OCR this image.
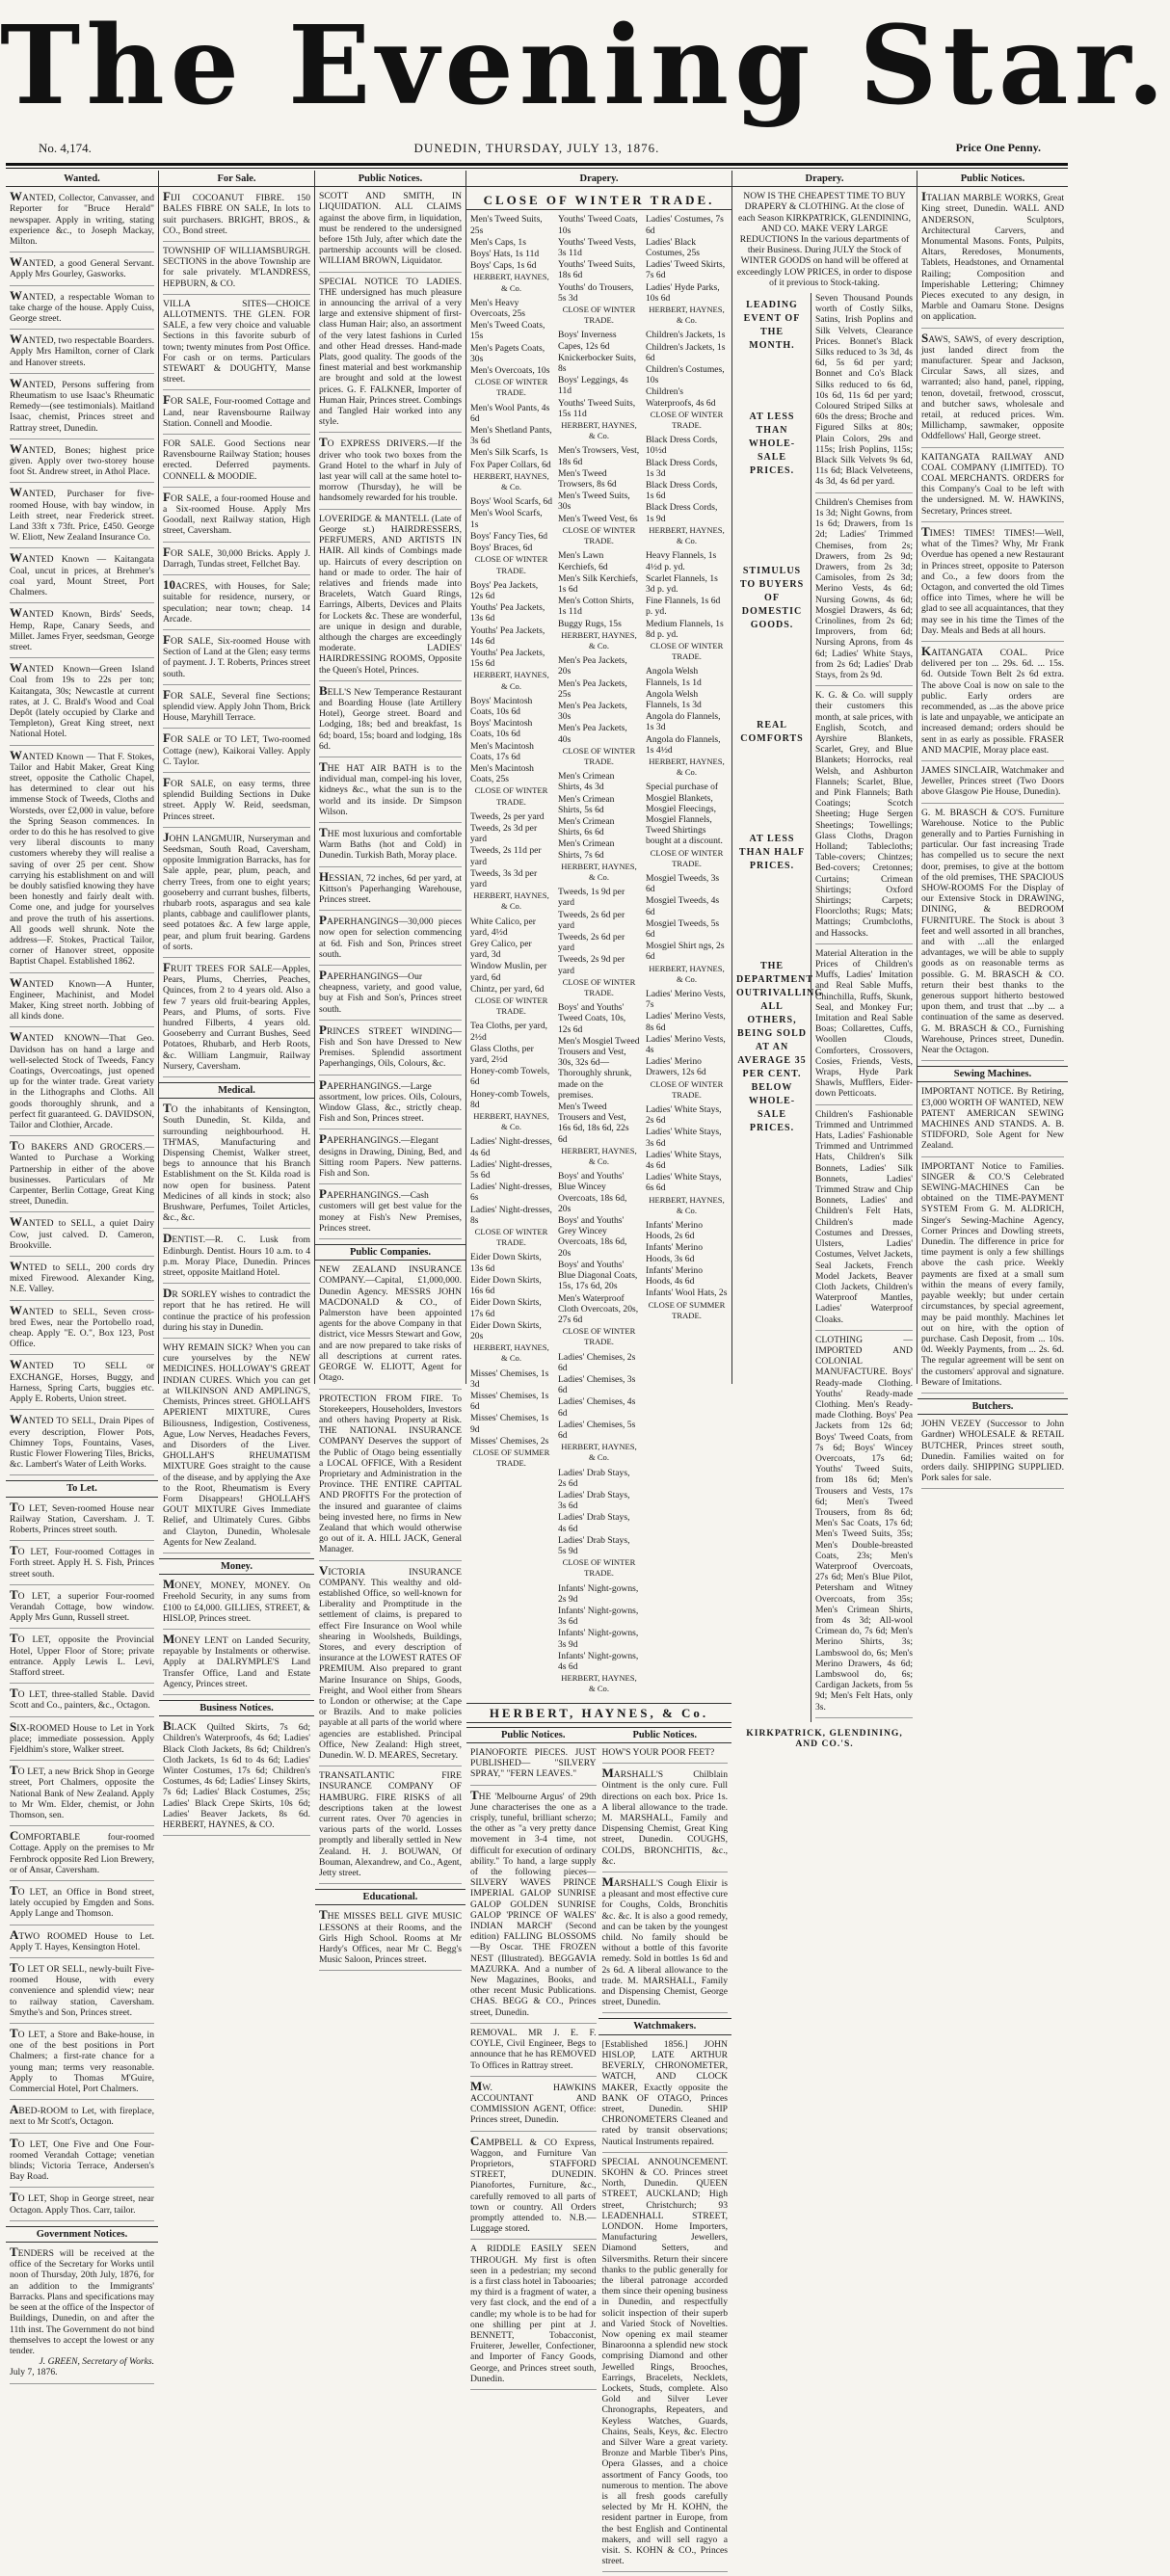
The Evening Star.
No. 4,174.	DUNEDIN, THURSDAY, JULY 13, 1876.	Price One Penny.
Wanted.
WANTED, Collector, Canvasser, and Reporter for "Bruce Herald" newspaper. Apply in writing, stating experience &c., to Joseph Mackay, Milton.
WANTED, a good General Servant. Apply Mrs Gourley, Gasworks.
WANTED, a respectable Woman to take charge of the house. Apply Cuiss, George street.
WANTED, two respectable Boarders. Apply Mrs Hamilton, corner of Clark and Hanover streets.
WANTED, Persons suffering from Rheumatism to use Isaac's Rheumatic Remedy—(see testimonials). Maitland Isaac, chemist, Princes street and Rattray street, Dunedin.
WANTED, Bones; highest price given. Apply over two-storey house foot St. Andrew street, in Athol Place.
WANTED, Purchaser for five-roomed House, with bay window, in Leith street, near Frederick street. Land 33ft x 73ft. Price, £450. George W. Eliott, New Zealand Insurance Co.
WANTED Known — Kaitangata Coal, uncut in prices, at Brehmer's coal yard, Mount Street, Port Chalmers.
WANTED Known, Birds' Seeds, Hemp, Rape, Canary Seeds, and Millet. James Fryer, seedsman, George street.
WANTED Known—Green Island Coal from 19s to 22s per ton; Kaitangata, 30s; Newcastle at current rates, at J. C. Brald's Wood and Coal Depôt (lately occupied by Clarke and Templeton), Great King street, next National Hotel.
WANTED Known — That F. Stokes, Tailor and Habit Maker, Great King street, opposite the Catholic Chapel, has determined to clear out his immense Stock of Tweeds, Cloths and Worsteds, over £2,000 in value, before the Spring Season commences. In order to do this he has resolved to give very liberal discounts to many customers whereby they will realise a saving of over 25 per cent. Show carrying his establishment on and will be doubly satisfied knowing they have been honestly and fairly dealt with. Come one, and judge for yourselves and prove the truth of his assertions. All goods well shrunk. Note the address—F. Stokes, Practical Tailor, corner of Hanover street, opposite Baptist Chapel. Established 1862.
WANTED Known—A Hunter, Engineer, Machinist, and Model Maker, King street north. Jobbing of all kinds done.
WANTED KNOWN—That Geo. Davidson has on hand a large and well-selected Stock of Tweeds, Fancy Coatings, Overcoatings, just opened up for the winter trade. Great variety in the Lithographs and Cloths. All goods thoroughly shrunk, and a perfect fit guaranteed. G. DAVIDSON, Tailor and Clothier, Arcade.
TO BAKERS AND GROCERS.—Wanted to Purchase a Working Partnership in either of the above businesses. Particulars of Mr Carpenter, Berlin Cottage, Great King street, Dunedin.
WANTED to SELL, a quiet Dairy Cow, just calved. D. Cameron, Brookville.
WNTED to SELL, 200 cords dry mixed Firewood. Alexander King, N.E. Valley.
WANTED to SELL, Seven cross-bred Ewes, near the Portobello road, cheap. Apply "E. O.", Box 123, Post Office.
WANTED TO SELL or EXCHANGE, Horses, Buggy, and Harness, Spring Carts, buggies etc. Apply E. Roberts, Union street.
WANTED TO SELL, Drain Pipes of every description, Flower Pots, Chimney Tops, Fountains, Vases, Rustic Flower Flowering Tiles, Bricks, &c. Lambert's Water of Leith Works.
To Let.
TO LET, Seven-roomed House near Railway Station, Caversham. J. T. Roberts, Princes street south.
TO LET, Four-roomed Cottages in Forth street. Apply H. S. Fish, Princes street south.
TO LET, a superior Four-roomed Verandah Cottage, bow window. Apply Mrs Gunn, Russell street.
TO LET, opposite the Provincial Hotel, Upper Floor of Store; private entrance. Apply Lewis L. Levi, Stafford street.
TO LET, three-stalled Stable. David Scott and Co., painters, &c., Octagon.
SIX-ROOMED House to Let in York place; immediate possession. Apply Fjeldhim's store, Walker street.
TO LET, a new Brick Shop in George street, Port Chalmers, opposite the National Bank of New Zealand. Apply to Mr Wm. Elder, chemist, or John Thomson, sen.
COMFORTABLE four-roomed Cottage. Apply on the premises to Mr Fernbrock opposite Red Lion Brewery, or of Ansar, Caversham.
TO LET, an Office in Bond street, lately occupied by Emgden and Sons. Apply Lange and Thomson.
ATWO ROOMED House to Let. Apply T. Hayes, Kensington Hotel.
TO LET OR SELL, newly-built Five-roomed House, with every convenience and splendid view; near to railway station, Caversham. Smythe's and Son, Princes street.
TO LET, a Store and Bake-house, in one of the best positions in Port Chalmers; a first-rate chance for a young man; terms very reasonable. Apply to Thomas M'Guire, Commercial Hotel, Port Chalmers.
ABED-ROOM to Let, with fireplace, next to Mr Scott's, Octagon.
TO LET, One Five and One Four-roomed Verandah Cottage; venetian blinds; Victoria Terrace, Andersen's Bay Road.
TO LET, Shop in George street, near Octagon. Apply Thos. Carr, tailor.
Government Notices.
TENDERS will be received at the office of the Secretary for Works until noon of Thursday, 20th July, 1876, for an addition to the Immigrants' Barracks. Plans and specifications may be seen at the office of the Inspector of Buildings, Dunedin, on and after the 11th inst. The Government do not bind themselves to accept the lowest or any tender.
J. GREEN, Secretary of Works.
July 7, 1876.
For Sale.
FIJI COCOANUT FIBRE. 150 BALES FIBRE ON SALE, In lots to suit purchasers. BRIGHT, BROS., & CO., Bond street.
TOWNSHIP OF WILLIAMSBURGH. SECTIONS in the above Township are for sale privately. M'LANDRESS, HEPBURN, & CO.
VILLA SITES—CHOICE ALLOTMENTS. THE GLEN. FOR SALE, a few very choice and valuable Sections in this favorite suburb of town; twenty minutes from Post Office. For cash or on terms. Particulars STEWART & DOUGHTY, Manse street.
FOR SALE, Four-roomed Cottage and Land, near Ravensbourne Railway Station. Connell and Moodie.
FOR SALE. Good Sections near Ravensbourne Railway Station; houses erected. Deferred payments. CONNELL & MOODIE.
FOR SALE, a four-roomed House and a Six-roomed House. Apply Mrs Goodall, next Railway station, High street, Caversham.
FOR SALE, 30,000 Bricks. Apply J. Darragh, Tundas street, Fellchet Bay.
10ACRES, with Houses, for Sale; suitable for residence, nursery, or speculation; near town; cheap. 14 Arcade.
FOR SALE, Six-roomed House with Section of Land at the Glen; easy terms of payment. J. T. Roberts, Princes street south.
FOR SALE, Several fine Sections; splendid view. Apply John Thom, Brick House, Maryhill Terrace.
FOR SALE or TO LET, Two-roomed Cottage (new), Kaikorai Valley. Apply C. Taylor.
FOR SALE, on easy terms, three splendid Building Sections in Duke street. Apply W. Reid, seedsman, Princes street.
JOHN LANGMUIR, Nurseryman and Seedsman, South Road, Caversham, opposite Immigration Barracks, has for Sale apple, pear, plum, peach, and cherry Trees, from one to eight years; gooseberry and currant bushes, filberts, rhubarb roots, asparagus and sea kale plants, cabbage and cauliflower plants, seed potatoes &c. A few large apple, pear, and plum fruit bearing. Gardens of sorts.
FRUIT TREES FOR SALE—Apples, Pears, Plums, Cherries, Peaches, Quinces, from 2 to 4 years old. Also a few 7 years old fruit-bearing Apples, Pears, and Plums, of sorts. Five hundred Filberts, 4 years old. Gooseberry and Currant Bushes, Seed Potatoes, Rhubarb, and Herb Roots, &c. William Langmuir, Railway Nursery, Caversham.
Medical.
TO the inhabitants of Kensington, South Dunedin, St. Kilda, and surrounding neighbourhood. H. TH'MAS, Manufacturing and Dispensing Chemist, Walker street, begs to announce that his Branch Establishment on the St. Kilda road is now open for business. Patent Medicines of all kinds in stock; also Brushware, Perfumes, Toilet Articles, &c., &c.
DENTIST.—R. C. Lusk from Edinburgh. Dentist. Hours 10 a.m. to 4 p.m. Moray Place, Dunedin. Princes street, opposite Maitland Hotel.
DR SORLEY wishes to contradict the report that he has retired. He will continue the practice of his profession during his stay in Dunedin.
WHY REMAIN SICK? When you can cure yourselves by the NEW MEDICINES. HOLLOWAY'S GREAT INDIAN CURES. Which you can get at WILKINSON AND AMPLING'S, Chemists, Princes street. GHOLLAH'S APERIENT MIXTURE, Cures Biliousness, Indigestion, Costiveness, Ague, Low Nerves, Headaches Fevers, and Disorders of the Liver. GHOLLAH'S RHEUMATISM MIXTURE Goes straight to the cause of the disease, and by applying the Axe to the Root, Rheumatism is Every Form Disappears! GHOLLAH'S GOUT MIXTURE Gives Immediate Relief, and Ultimately Cures. Gibbs and Clayton, Dunedin, Wholesale Agents for New Zealand.
Money.
MONEY, MONEY, MONEY. On Freehold Security, in any sums from £100 to £4,000. GILLIES, STREET, & HISLOP, Princes street.
MONEY LENT on Landed Security, repayable by Instalments or otherwise. Apply at DALRYMPLE'S Land Transfer Office, Land and Estate Agency, Princes street.
Business Notices.
BLACK Quilted Skirts, 7s 6d; Children's Waterproofs, 4s 6d; Ladies' Black Cloth Jackets, 8s 6d; Children's Cloth Jackets, 1s 6d to 4s 6d; Ladies' Winter Costumes, 17s 6d; Children's Costumes, 4s 6d; Ladies' Linsey Skirts, 7s 6d; Ladies' Black Costumes, 25s; Ladies' Black Crepe Skirts, 10s 6d; Ladies' Beaver Jackets, 8s 6d. HERBERT, HAYNES, & CO.
Public Notices.
SCOTT AND SMITH, IN LIQUIDATION. ALL CLAIMS against the above firm, in liquidation, must be rendered to the undersigned before 15th July, after which date the partnership accounts will be closed. WILLIAM BROWN, Liquidator.
SPECIAL NOTICE TO LADIES. THE undersigned has much pleasure in announcing the arrival of a very large and extensive shipment of first-class Human Hair; also, an assortment of the very latest fashions in Curled and other Head dresses. Hand-made Plats, good quality. The goods of the finest material and best workmanship are brought and sold at the lowest prices. G. F. FALKNER, Importer of Human Hair, Princes street. Combings and Tangled Hair worked into any style.
TO EXPRESS DRIVERS.—If the driver who took two boxes from the Grand Hotel to the wharf in July of last year will call at the same hotel to-morrow (Thursday), he will be handsomely rewarded for his trouble.
LOVERIDGE & MANTELL (Late of George st.) HAIRDRESSERS, PERFUMERS, AND ARTISTS IN HAIR. All kinds of Combings made up. Haircuts of every description on hand or made to order. The hair of relatives and friends made into Bracelets, Watch Guard Rings, Earrings, Alberts, Devices and Plaits for Lockets &c. These are wonderful, are unique in design and durable, although the charges are exceedingly moderate. LADIES' HAIRDRESSING ROOMS, Opposite the Queen's Hotel, Princes.
BELL'S New Temperance Restaurant and Boarding House (late Artillery Hotel), George street. Board and Lodging, 18s; bed and breakfast, 1s 6d; board, 15s; board and lodging, 18s 6d.
THE HAT AIR BATH is to the individual man, compel-ing his lover, kidneys &c., what the sun is to the world and its inside. Dr Simpson Wilson.
THE most luxurious and comfortable Warm Baths (hot and Cold) in Dunedin. Turkish Bath, Moray place.
HESSIAN, 72 inches, 6d per yard, at Kittson's Paperhanging Warehouse, Princes street.
PAPERHANGINGS—30,000 pieces now open for selection commencing at 6d. Fish and Son, Princes street south.
PAPERHANGINGS—Our cheapness, variety, and good value, buy at Fish and Son's, Princes street south.
PRINCES STREET WINDING—Fish and Son have Dressed to New Premises. Splendid assortment Paperhangings, Oils, Colours, &c.
PAPERHANGINGS.—Large assortment, low prices. Oils, Colours, Window Glass, &c., strictly cheap. Fish and Son, Princes street.
PAPERHANGINGS.—Elegant designs in Drawing, Dining, Bed, and Sitting room Papers. New patterns. Fish and Son.
PAPERHANGINGS.—Cash customers will get best value for the money at Fish's New Premises, Princes street.
Public Companies.
NEW ZEALAND INSURANCE COMPANY.—Capital, £1,000,000. Dunedin Agency. MESSRS JOHN MACDONALD & CO., of Palmerston have been appointed agents for the above Company in that district, vice Messrs Stewart and Gow, and are now prepared to take risks of all descriptions at current rates. GEORGE W. ELIOTT, Agent for Otago.
PROTECTION FROM FIRE. To Storekeepers, Householders, Investors and others having Property at Risk. THE NATIONAL INSURANCE COMPANY Deserves the support of the Public of Otago being essentially a LOCAL OFFICE, With a Resident Proprietary and Administration in the Province. THE ENTIRE CAPITAL AND PROFITS For the protection of the insured and guarantee of claims being invested here, no firms in New Zealand that which would otherwise go out of it. A. HILL JACK, General Manager.
VICTORIA INSURANCE COMPANY. This wealthy and old-established Office, so well-known for Liberality and Promptitude in the settlement of claims, is prepared to effect Fire Insurance on Wool while shearing in Woolsheds, Buildings, Stores, and every description of insurance at the LOWEST RATES OF PREMIUM. Also prepared to grant Marine Insurance on Ships, Goods, Freight, and Wool either from Shears to London or otherwise; at the Cape or Brazils. And to make policies payable at all parts of the world where agencies are established. Principal Office, New Zealand: High street, Dunedin. W. D. MEARES, Secretary.
TRANSATLANTIC FIRE INSURANCE COMPANY OF HAMBURG. FIRE RISKS of all descriptions taken at the lowest current rates. Over 70 agencies in various parts of the world. Losses promptly and liberally settled in New Zealand. H. J. BOUWAN, Of Bouman, Alexandrew, and Co., Agent, Jetty street.
Educational.
THE MISSES BELL GIVE MUSIC LESSONS at their Rooms, and the Girls High School. Rooms at Mr Hardy's Offices, near Mr C. Begg's Music Saloon, Princes street.
Drapery.
CLOSE OF WINTER TRADE.

Men's Tweed Suits, 25s

Men's Caps, 1s

Boys' Hats, 1s 11d

Boys' Caps, 1s 6d

HERBERT, HAYNES, & Co.

Men's Heavy Overcoats, 25s

Men's Tweed Coats, 15s

Men's Pagets Coats, 30s

Men's Overcoats, 10s

CLOSE OF WINTER TRADE.

Men's Wool Pants, 4s 6d

Men's Shetland Pants, 3s 6d

Men's Silk Scarfs, 1s

Fox Paper Collars, 6d

HERBERT, HAYNES, & Co.

Boys' Wool Scarfs, 6d

Men's Wool Scarfs, 1s

Boys' Fancy Ties, 6d

Boys' Braces, 6d

CLOSE OF WINTER TRADE.

Boys' Pea Jackets, 12s 6d

Youths' Pea Jackets, 13s 6d

Youths' Pea Jackets, 14s 6d

Youths' Pea Jackets, 15s 6d

HERBERT, HAYNES, & Co.

Boys' Macintosh Coats, 10s 6d

Boys' Macintosh Coats, 10s 6d

Men's Macintosh Coats, 17s 6d

Men's Macintosh Coats, 25s

CLOSE OF WINTER TRADE.

Tweeds, 2s per yard

Tweeds, 2s 3d per yard

Tweeds, 2s 11d per yard

Tweeds, 3s 3d per yard

HERBERT, HAYNES, & Co.

White Calico, per yard, 4½d

Grey Calico, per yard, 3d

Window Muslin, per yard, 6d

Chintz, per yard, 6d

CLOSE OF WINTER TRADE.

Tea Cloths, per yard, 2½d

Glass Cloths, per yard, 2½d

Honey-comb Towels, 6d

Honey-comb Towels, 8d

HERBERT, HAYNES, & Co.

Ladies' Night-dresses, 4s 6d

Ladies' Night-dresses, 5s 6d

Ladies' Night-dresses, 6s

Ladies' Night-dresses, 8s

CLOSE OF WINTER TRADE.

Eider Down Skirts, 13s 6d

Eider Down Skirts, 16s 6d

Eider Down Skirts, 17s 6d

Eider Down Skirts, 20s

HERBERT, HAYNES, & Co.

Misses' Chemises, 1s 3d

Misses' Chemises, 1s 6d

Misses' Chemises, 1s 9d

Misses' Chemises, 2s

CLOSE OF SUMMER TRADE.

Youths' Tweed Coats, 10s

Youths' Tweed Vests, 3s 11d

Youths' Tweed Suits, 18s 6d

Youths' do Trousers, 5s 3d

CLOSE OF WINTER TRADE.

Boys' Inverness Capes, 12s 6d

Knickerbocker Suits, 8s

Boys' Leggings, 4s 11d

Youths' Tweed Suits, 15s 11d

HERBERT, HAYNES, & Co.

Men's Trowsers, Vest, 18s 6d

Men's Tweed Trowsers, 8s 6d

Men's Tweed Suits, 30s

Men's Tweed Vest, 6s

CLOSE OF WINTER TRADE.

Men's Lawn Kerchiefs, 6d

Men's Silk Kerchiefs, 1s 6d

Men's Cotton Shirts, 1s 11d

Buggy Rugs, 15s

HERBERT, HAYNES, & Co.

Men's Pea Jackets, 20s

Men's Pea Jackets, 25s

Men's Pea Jackets, 30s

Men's Pea Jackets, 40s

CLOSE OF WINTER TRADE.

Men's Crimean Shirts, 4s 3d

Men's Crimean Shirts, 5s 6d

Men's Crimean Shirts, 6s 6d

Men's Crimean Shirts, 7s 6d

HERBERT, HAYNES, & Co.

Tweeds, 1s 9d per yard

Tweeds, 2s 6d per yard

Tweeds, 2s 6d per yard

Tweeds, 2s 9d per yard

CLOSE OF WINTER TRADE.

Boys' and Youths' Tweed Coats, 10s, 12s 6d

Men's Mosgiel Tweed Trousers and Vest, 30s, 32s 6d—Thoroughly shrunk, made on the premises.

Men's Tweed Trousers and Vest, 16s 6d, 18s 6d, 22s 6d

HERBERT, HAYNES, & Co.

Boys' and Youths' Blue Wincey Overcoats, 18s 6d, 20s

Boys' and Youths' Grey Wincey Overcoats, 18s 6d, 20s

Boys' and Youths' Blue Diagonal Coats, 15s, 17s 6d, 20s

Men's Waterproof Cloth Overcoats, 20s, 27s 6d

CLOSE OF WINTER TRADE.

Ladies' Chemises, 2s 6d

Ladies' Chemises, 3s 6d

Ladies' Chemises, 4s 6d

Ladies' Chemises, 5s 6d

HERBERT, HAYNES, & Co.

Ladies' Drab Stays, 2s 6d

Ladies' Drab Stays, 3s 6d

Ladies' Drab Stays, 4s 6d

Ladies' Drab Stays, 5s 9d

CLOSE OF WINTER TRADE.

Infants' Night-gowns, 2s 9d

Infants' Night-gowns, 3s 6d

Infants' Night-gowns, 3s 9d

Infants' Night-gowns, 4s 6d

HERBERT, HAYNES, & Co.

Ladies' Costumes, 7s 6d

Ladies' Black Costumes, 25s

Ladies' Tweed Skirts, 7s 6d

Ladies' Hyde Parks, 10s 6d

HERBERT, HAYNES, & Co.

Children's Jackets, 1s

Children's Jackets, 1s 6d

Children's Costumes, 10s

Children's Waterproofs, 4s 6d

CLOSE OF WINTER TRADE.

Black Dress Cords, 10½d

Black Dress Cords, 1s 3d

Black Dress Cords, 1s 6d

Black Dress Cords, 1s 9d

HERBERT, HAYNES, & Co.

Heavy Flannels, 1s 4½d p. yd.

Scarlet Flannels, 1s 3d p. yd.

Fine Flannels, 1s 6d p. yd.

Medium Flannels, 1s 8d p. yd.

CLOSE OF WINTER TRADE.

Angola Welsh Flannels, 1s 1d

Angola Welsh Flannels, 1s 3d

Angola do Flannels, 1s 3d

Angola do Flannels, 1s 4½d

HERBERT, HAYNES, & Co.

Special purchase of Mosgiel Blankets, Mosgiel Fleecings, Mosgiel Flannels, Tweed Shirtings bought at a discount.

CLOSE OF WINTER TRADE.

Mosgiel Tweeds, 3s 6d

Mosgiel Tweeds, 4s 6d

Mosgiel Tweeds, 5s 6d

Mosgiel Shirt ngs, 2s 6d

HERBERT, HAYNES, & Co.

Ladies' Merino Vests, 7s

Ladies' Merino Vests, 8s 6d

Ladies' Merino Vests, 4s

Ladies' Merino Drawers, 12s 6d

CLOSE OF WINTER TRADE.

Ladies' White Stays, 2s 6d

Ladies' White Stays, 3s 6d

Ladies' White Stays, 4s 6d

Ladies' White Stays, 6s 6d

HERBERT, HAYNES, & Co.

Infants' Merino Hoods, 2s 6d

Infants' Merino Hoods, 3s 6d

Infants' Merino Hoods, 4s 6d

Infants' Wool Hats, 2s

CLOSE OF SUMMER TRADE.

HERBERT, HAYNES, & Co.
Public Notices.
PIANOFORTE PIECES. JUST PUBLISHED— "SILVERY SPRAY," "FERN LEAVES."
THE 'Melbourne Argus' of 29th June characterises the one as a crisply, tuneful, brilliant scherzo; the other as "a very pretty dance movement in 3-4 time, not difficult for execution of ordinary ability." To hand, a large supply of the following pieces— SILVERY WAVES PRINCE IMPERIAL GALOP SUNRISE GALOP GOLDEN SUNRISE GALOP 'PRINCE OF WALES' INDIAN MARCH' (Second edition) FALLING BLOSSOMS—By Oscar. THE FROZEN NEST (Illustrated). BEGGAVIA MAZURKA. And a number of New Magazines, Books, and other recent Music Publications. CHAS. BEGG & CO., Princes street, Dunedin.
REMOVAL. MR J. E. F. COYLE, Civil Engineer, Begs to announce that he has REMOVED To Offices in Rattray street.
MW. HAWKINS ACCOUNTANT AND COMMISSION AGENT, Office: Princes street, Dunedin.
CAMPBELL & CO Express, Waggon, and Furniture Van Proprietors, STAFFORD STREET, DUNEDIN. Pianofortes, Furniture, &c., carefully removed to all parts of town or country. All Orders promptly attended to. N.B.—Luggage stored.
A RIDDLE EASILY SEEN THROUGH. My first is often seen in a pedestrian; my second is a first class hotel in Tabooaries; my third is a fragment of water, a very fast clock, and the end of a candle; my whole is to be had for one shilling per pint at J. BENNETT, Tobacconist, Fruiterer, Jeweller, Confectioner, and Importer of Fancy Goods, George, and Princes street south, Dunedin.
Public Notices.
HOW'S YOUR POOR FEET?
MARSHALL'S Chilblain Ointment is the only cure. Full directions on each box. Price 1s. A liberal allowance to the trade. M. MARSHALL, Family and Dispensing Chemist, Great King street, Dunedin. COUGHS, COLDS, BRONCHITIS, &c., &c.
MARSHALL'S Cough Elixir is a pleasant and most effective cure for Coughs, Colds, Bronchitis &c. &c. It is also a good remedy, and can be taken by the youngest child. No family should be without a bottle of this favorite remedy. Sold in bottles 1s 6d and 2s 6d. A liberal allowance to the trade. M. MARSHALL, Family and Dispensing Chemist, George street, Dunedin.
Watchmakers.
[Established 1856.] JOHN HISLOP, LATE ARTHUR BEVERLY, CHRONOMETER, WATCH, AND CLOCK MAKER, Exactly opposite the BANK OF OTAGO, Princes street, Dunedin. SHIP CHRONOMETERS Cleaned and rated by transit observations; Nautical Instruments repaired.
SPECIAL ANNOUNCEMENT. SKOHN & CO. Princes street North, Dunedin. QUEEN STREET, AUCKLAND; High street, Christchurch; 93 LEADENHALL STREET, LONDON. Home Importers, Manufacturing Jewellers, Diamond Setters, and Silversmiths. Return their sincere thanks to the public generally for the liberal patronage accorded them since their opening business in Dunedin, and respectfully solicit inspection of their superb and Varied Stock of Novelties. Now opening ex mail steamer Binaroonna a splendid new stock comprising Diamond and other Jewelled Rings, Brooches, Earrings, Bracelets, Necklets, Lockets, Studs, complete. Also Gold and Silver Lever Chronographs, Repeaters, and Keyless Watches, Guards, Chains, Seals, Keys, &c. Electro and Silver Ware a great variety. Bronze and Marble Tiber's Pins, Opera Glasses, and a choice assortment of Fancy Goods, too numerous to mention. The above is all fresh goods carefully selected by Mr H. KOHN, the resident partner in Europe, from the best English and Continental makers, and will sell ragyo a visit. S. KOHN & CO., Princes street.
Drapery.
NOW IS THE CHEAPEST TIME TO BUY DRAPERY & CLOTHING. At the close of each Season KIRKPATRICK, GLENDINING, AND CO. MAKE VERY LARGE REDUCTIONS In the various departments of their Business. During JULY the Stock of WINTER GOODS on hand will be offered at exceedingly LOW PRICES, in order to dispose of it previous to Stock-taking.
LEADING EVENT OF THE MONTH.
AT LESS THAN WHOLE-SALE PRICES.
STIMULUS TO BUYERS OF DOMESTIC GOODS.
REAL COMFORTS
AT LESS THAN HALF PRICES.
THE DEPARTMENT OUTRIVALLING ALL OTHERS, BEING SOLD AT AN AVERAGE 35 PER CENT. BELOW WHOLE-SALE PRICES.
Seven Thousand Pounds worth of Costly Silks, Satins, Irish Poplins and Silk Velvets, Clearance Prices. Bonnet's Black Silks reduced to 3s 3d, 4s 6d, 5s 6d per yard; Bonnet and Co's Black Silks reduced to 6s 6d, 10s 6d, 11s 6d per yard; Coloured Striped Silks at 60s the dress; Broche and Figured Silks at 80s; Plain Colors, 29s and 115s; Irish Poplins, 115s; Black Silk Velvets 9s 6d, 11s 6d; Black Velveteens, 4s 3d, 4s 6d per yard.
Children's Chemises from 1s 3d; Night Gowns, from 1s 6d; Drawers, from 1s 2d; Ladies' Trimmed Chemises, from 2s; Drawers, from 2s 9d; Drawers, from 2s 3d; Camisoles, from 2s 3d; Merino Vests, 4s 6d; Nursing Gowns, 4s 6d; Mosgiel Drawers, 4s 6d; Crinolines, from 2s 6d; Improvers, from 6d; Nursing Aprons, from 4s 6d; Ladies' White Stays, from 2s 6d; Ladies' Drab Stays, from 2s 9d.
K. G. & Co. will supply their customers this month, at sale prices, with English, Scotch, and Ayrshire Blankets, Scarlet, Grey, and Blue Blankets; Horrocks, real Welsh, and Ashburton Flannels; Scarlet, Blue, and Pink Flannels; Bath Coatings; Scotch Sheeting; Huge Sergen Sheetings; Towellings; Glass Cloths, Dragon Holland; Tablecloths; Table-covers; Chintzes; Bed-covers; Cretonnes; Curtains; Crimean Shirtings; Oxford Shirtings; Carpets; Floorcloths; Rugs; Mats; Mattings; Crumbcloths, and Hassocks.
Material Alteration in the Prices of Children's Muffs, Ladies' Imitation and Real Sable Muffs, Chinchilla, Ruffs, Skunk, Seal, and Monkey Fur; Imitation and Real Sable Boas; Collarettes, Cuffs, Woollen Clouds, Comforters, Crossovers, Cosies, Friends, Vests, Wraps, Hyde Park Shawls, Mufflers, Eider-down Petticoats.
Children's Fashionable Trimmed and Untrimmed Hats, Ladies' Fashionable Trimmed and Untrimmed Hats, Children's Silk Bonnets, Ladies' Silk Bonnets, Ladies' Trimmed Straw and Chip Bonnets, Ladies' and Children's Felt Hats, Children's made Costumes and Dresses, Ulsters, Ladies' Costumes, Velvet Jackets, Seal Jackets, French Model Jackets, Beaver Cloth Jackets, Children's Waterproof Mantles, Ladies' Waterproof Cloaks.
CLOTHING — IMPORTED AND COLONIAL MANUFACTURE. Boys' Ready-made Clothing. Youths' Ready-made Clothing. Men's Ready-made Clothing. Boys' Pea Jackets from 12s 6d; Boys' Tweed Coats, from 7s 6d; Boys' Wincey Overcoats, 17s 6d; Youths' Tweed Suits, from 18s 6d; Men's Trousers and Vests, 17s 6d; Men's Tweed Trousers, from 8s 6d; Men's Sac Coats, 17s 6d; Men's Tweed Suits, 35s; Men's Double-breasted Coats, 23s; Men's Waterproof Overcoats, 27s 6d; Men's Blue Pilot, Petersham and Witney Overcoats, from 35s; Men's Crimean Shirts, from 4s 3d; All-wool Crimean do, 7s 6d; Men's Merino Shirts, 3s; Lambswool do, 6s; Men's Merino Drawers, 4s 6d; Lambswool do, 6s; Cardigan Jackets, from 5s 9d; Men's Felt Hats, only 3s.
KIRKPATRICK, GLENDINING, AND CO.'S.
Public Notices.
ITALIAN MARBLE WORKS, Great King street, Dunedin. WALL AND ANDERSON, Sculptors, Architectural Carvers, and Monumental Masons. Fonts, Pulpits, Altars, Reredoses, Monuments, Tablets, Headstones, and Ornamental Railing; Composition and Imperishable Lettering; Chimney Pieces executed to any design, in Marble and Oamaru Stone. Designs on application.
SAWS, SAWS, of every description, just landed direct from the manufacturer. Spear and Jackson, Circular Saws, all sizes, and warranted; also hand, panel, ripping, tenon, dovetail, fretwood, crosscut, and butcher saws, wholesale and retail, at reduced prices. Wm. Millichamp, sawmaker, opposite Oddfellows' Hall, George street.
KAITANGATA RAILWAY AND COAL COMPANY (LIMITED). TO COAL MERCHANTS. ORDERS for this Company's Coal to be left with the undersigned. M. W. HAWKINS, Secretary, Princes street.
TIMES! TIMES! TIMES!—Well, what of the Times? Why, Mr Frank Overdue has opened a new Restaurant in Princes street, opposite to Paterson and Co., a few doors from the Octagon, and converted the old Times office into Times, where he will be glad to see all acquaintances, that they may see in his time the Times of the Day. Meals and Beds at all hours.
KAITANGATA COAL. Price delivered per ton ... 29s. 6d. ... 15s. 6d. Outside Town Belt 2s 6d extra. The above Coal is now on sale to the public. Early orders are recommended, as ...as the above price is late and unpayable, we anticipate an increased demand; orders should be sent in as early as possible. FRASER AND MACPIE, Moray place east.
JAMES SINCLAIR, Watchmaker and Jeweller, Princes street (Two Doors above Glasgow Pie House, Dunedin).
G. M. BRASCH & CO'S. Furniture Warehouse. Notice to the Public generally and to Parties Furnishing in particular. Our fast increasing Trade has compelled us to secure the next door, premises, to give at the bottom of the old premises, THE SPACIOUS SHOW-ROOMS For the Display of our Extensive Stock in DRAWING, DINING, & BEDROOM FURNITURE. The Stock is about 3 feet and well assorted in all branches, and with ...all the enlarged advantages, we will be able to supply goods as on reasonable terms as possible. G. M. BRASCH & CO. return their best thanks to the generous support hitherto bestowed upon them, and trust that ...by ... a continuation of the same as deserved. G. M. BRASCH & CO., Furnishing Warehouse, Princes street, Dunedin. Near the Octagon.
Sewing Machines.
IMPORTANT NOTICE. By Retiring, £3,000 WORTH OF WANTED, NEW PATENT AMERICAN SEWING MACHINES AND STANDS. A. B. STIDFORD, Sole Agent for New Zealand.
IMPORTANT Notice to Families. SINGER & CO.'S Celebrated SEWING-MACHINES Can be obtained on the TIME-PAYMENT SYSTEM From G. M. ALDRICH, Singer's Sewing-Machine Agency, Corner Princes and Dowling streets, Dunedin. The difference in price for time payment is only a few shillings above the cash price. Weekly payments are fixed at a small sum within the means of every family, payable weekly; but under certain circumstances, by special agreement, may be paid monthly. Machines let out on hire, with the option of purchase. Cash Deposit, from ... 10s. 0d. Weekly Payments, from ... 2s. 6d. The regular agreement will be sent on the customers' approval and signature. Beware of Imitations.
Butchers.
JOHN VEZEY (Successor to John Gardner) WHOLESALE & RETAIL BUTCHER, Princes street south, Dunedin. Families waited on for orders daily. SHIPPING SUPPLIED. Pork sales for sale.
